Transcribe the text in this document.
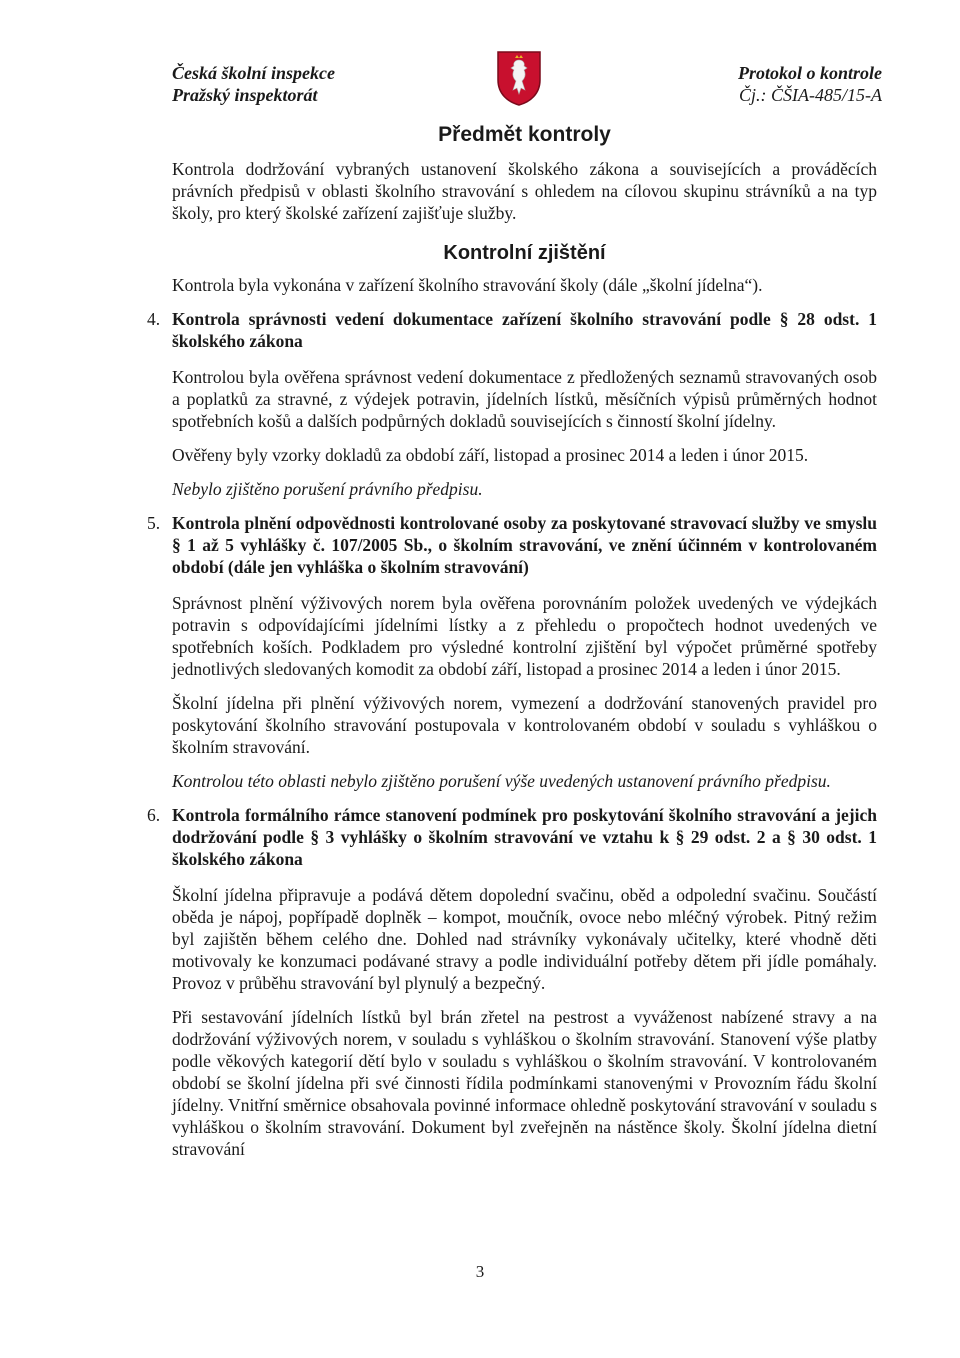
Česká školní inspekce
Pražský inspektorát
Protokol o kontrole
Čj.: ČŠIA-485/15-A
Předmět kontroly

Kontrola dodržování vybraných ustanovení školského zákona a souvisejících a prováděcích právních předpisů v oblasti školního stravování s ohledem na cílovou skupinu strávníků a na typ školy, pro který školské zařízení zajišťuje služby.

Kontrolní zjištění

Kontrola byla vykonána v zařízení školního stravování školy (dále „školní jídelna“).

4. Kontrola správnosti vedení dokumentace zařízení školního stravování podle § 28 odst. 1 školského zákona

Kontrolou byla ověřena správnost vedení dokumentace z předložených seznamů stravovaných osob a poplatků za stravné, z výdejek potravin, jídelních lístků, měsíčních výpisů průměrných hodnot spotřebních košů a dalších podpůrných dokladů souvisejících s činností školní jídelny.

Ověřeny byly vzorky dokladů za období září, listopad a prosinec 2014 a leden i únor 2015.

Nebylo zjištěno porušení právního předpisu.

5. Kontrola plnění odpovědnosti kontrolované osoby za poskytované stravovací služby ve smyslu § 1 až 5 vyhlášky č. 107/2005 Sb., o školním stravování, ve znění účinném v kontrolovaném období (dále jen vyhláška o školním stravování)

Správnost plnění výživových norem byla ověřena porovnáním položek uvedených ve výdejkách potravin s odpovídajícími jídelními lístky a z přehledu o propočtech hodnot uvedených ve spotřebních koších. Podkladem pro výsledné kontrolní zjištění byl výpočet průměrné spotřeby jednotlivých sledovaných komodit za období září, listopad a prosinec 2014 a leden i únor 2015.

Školní jídelna při plnění výživových norem, vymezení a dodržování stanovených pravidel pro poskytování školního stravování postupovala v kontrolovaném období v souladu s vyhláškou o školním stravování.

Kontrolou této oblasti nebylo zjištěno porušení výše uvedených ustanovení právního předpisu.

6. Kontrola formálního rámce stanovení podmínek pro poskytování školního stravování a jejich dodržování podle § 3 vyhlášky o školním stravování ve vztahu k § 29 odst. 2 a § 30 odst. 1 školského zákona

Školní jídelna připravuje a podává dětem dopolední svačinu, oběd a odpolední svačinu. Součástí oběda je nápoj, popřípadě doplněk – kompot, moučník, ovoce nebo mléčný výrobek. Pitný režim byl zajištěn během celého dne. Dohled nad strávníky vykonávaly učitelky, které vhodně děti motivovaly ke konzumaci podávané stravy a podle individuální potřeby dětem při jídle pomáhaly. Provoz v průběhu stravování byl plynulý a bezpečný.

Při sestavování jídelních lístků byl brán zřetel na pestrost a vyváženost nabízené stravy a na dodržování výživových norem, v souladu s vyhláškou o školním stravování. Stanovení výše platby podle věkových kategorií dětí bylo v souladu s vyhláškou o školním stravování. V kontrolovaném období se školní jídelna při své činnosti řídila podmínkami stanovenými v Provozním řádu školní jídelny. Vnitřní směrnice obsahovala povinné informace ohledně poskytování stravování v souladu s vyhláškou o školním stravování. Dokument byl zveřejněn na nástěnce školy. Školní jídelna dietní stravování

3
